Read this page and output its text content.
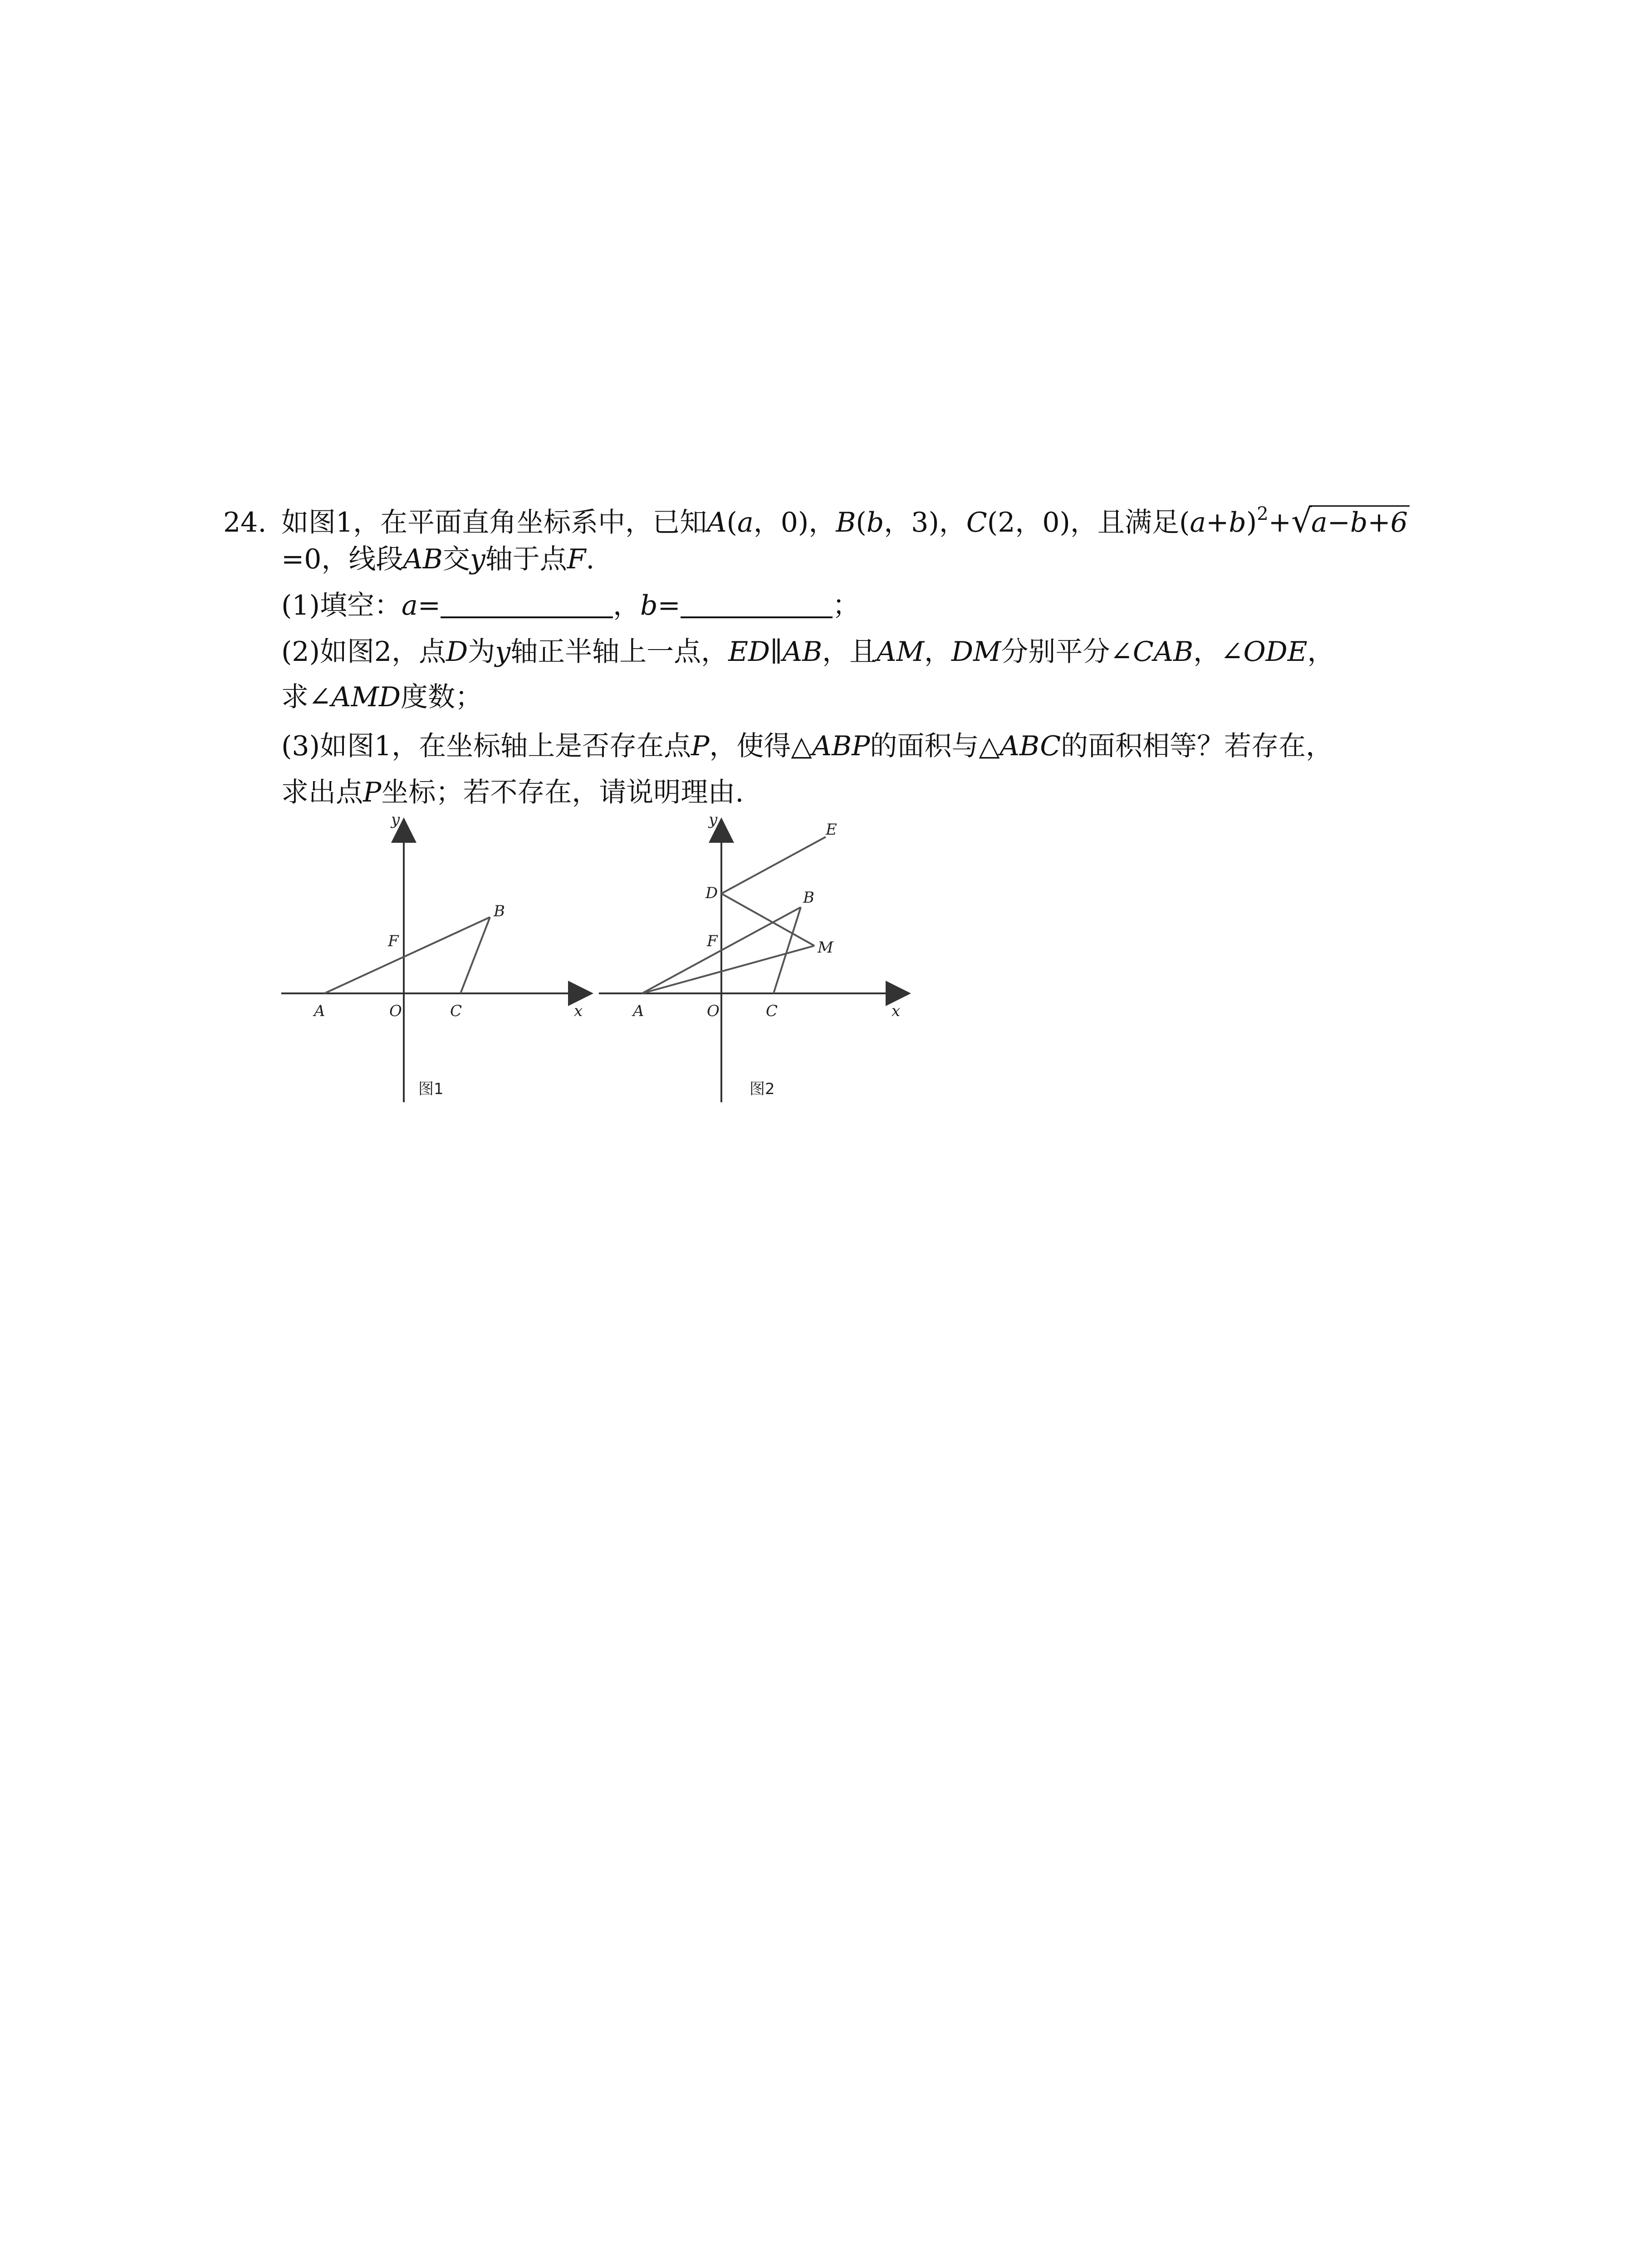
24. 如图1，在平面直角坐标系中，已知A(a，0)，B(b，3)，C(2，0)，且满足$(a+b)^2+$ √
a−b+6
=0，线段AB交y轴于点F.
(1)填空：a=	，b=	；
(2)如图2，点D为y轴正半轴上一点，ED∥AB，且AM，DM分别平分∠CAB，∠ODE，
求∠AMD度数；
(3)如图1，在坐标轴上是否存在点P，使得△ABP的面积与△ABC的面积相等？若存在，
求出点P坐标；若不存在，请说明理由.
y
x
A	O	C
F
B
图1
y
x
A	O	C
F
B
D
E
M
图2
